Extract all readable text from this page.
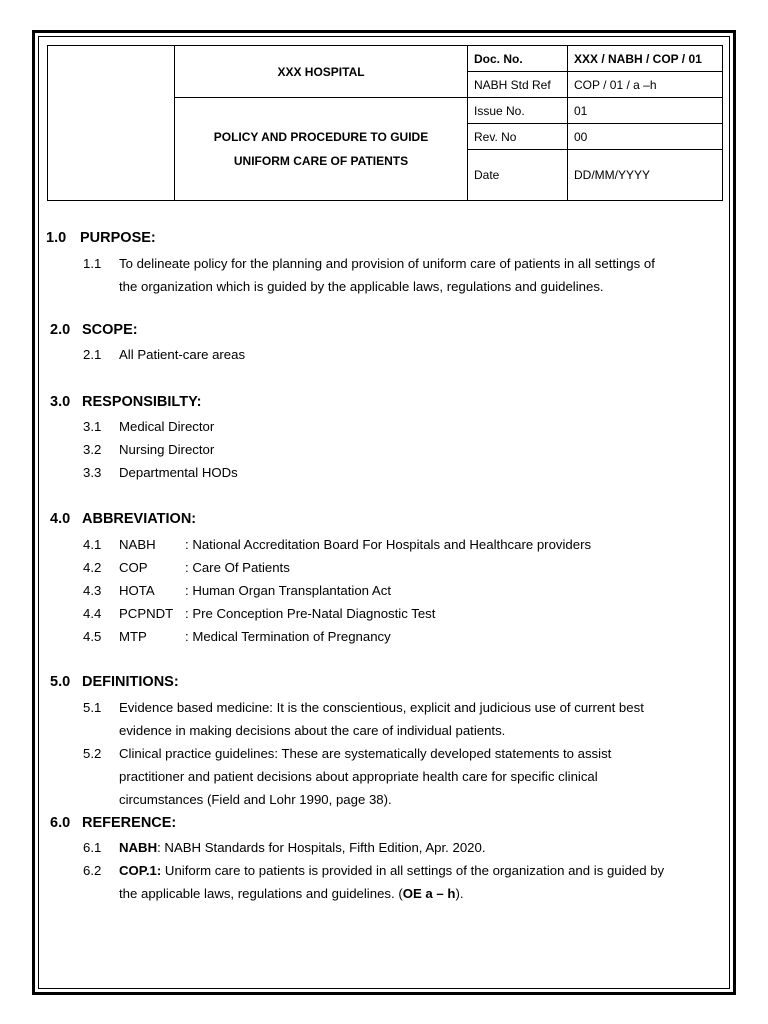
	XXX HOSPITAL	Doc. No.	XXX / NABH / COP / 01
		NABH Std Ref	COP / 01 / a –h

	POLICY AND PROCEDURE TO GUIDE
UNIFORM CARE OF PATIENTS	Issue No.	01
		Rev. No	00
		Date	DD/MM/YYYY
1.0 PURPOSE:
1.1 To delineate policy for the planning and provision of uniform care of patients in all settings of
the organization which is guided by the applicable laws, regulations and guidelines.
2.0 SCOPE:
2.1 All Patient-care areas
3.0 RESPONSIBILTY:
3.1 Medical Director
3.2 Nursing Director
3.3 Departmental HODs
4.0 ABBREVIATION:
4.1 NABH : National Accreditation Board For Hospitals and Healthcare providers
4.2 COP	: Care Of Patients
4.3 HOTA : Human Organ Transplantation Act
4.4 PCPNDT : Pre Conception Pre-Natal Diagnostic Test
4.5 MTP	: Medical Termination of Pregnancy
5.0 DEFINITIONS:
5.1 Evidence based medicine: It is the conscientious, explicit and judicious use of current best
evidence in making decisions about the care of individual patients.
5.2 Clinical practice guidelines: These are systematically developed statements to assist
practitioner and patient decisions about appropriate health care for specific clinical
circumstances (Field and Lohr 1990, page 38).
6.0 REFERENCE:
6.1 NABH: NABH Standards for Hospitals, Fifth Edition, Apr. 2020.
6.2 COP.1: Uniform care to patients is provided in all settings of the organization and is guided by
the applicable laws, regulations and guidelines. (OE a – h).
